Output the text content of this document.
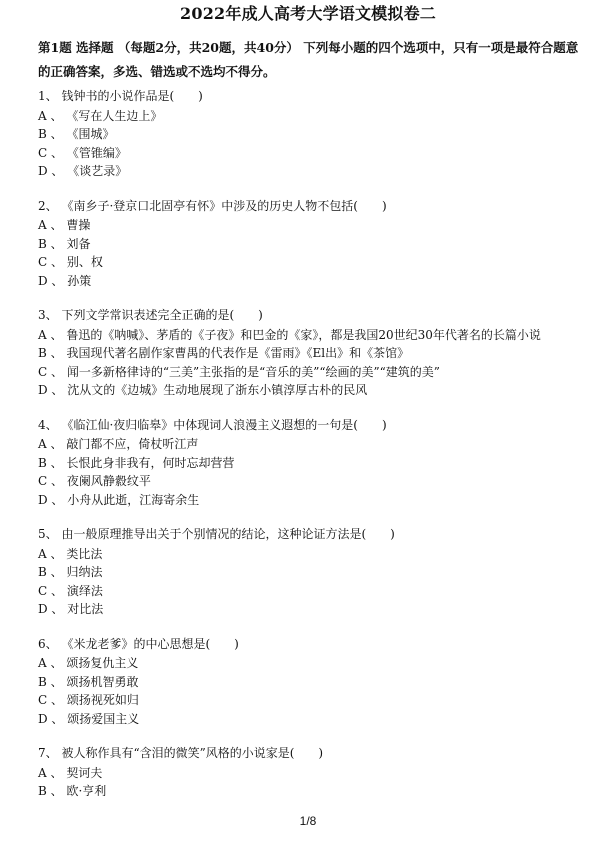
2022年成人高考大学语文模拟卷二
第1题 选择题 （每题2分，共20题，共40分） 下列每小题的四个选项中，只有一项是最符合题意的正确答案，多选、错选或不选均不得分。
1、 钱钟书的小说作品是(　　)
A 、 《写在人生边上》
B 、 《围城》
C 、 《管锥编》
D 、 《谈艺录》
2、 《南乡子·登京口北固亭有怀》中涉及的历史人物不包括(　　)
A 、 曹操
B 、 刘备
C 、 别、权
D 、 孙策
3、 下列文学常识表述完全正确的是(　　)
A 、 鲁迅的《呐喊》、茅盾的《子夜》和巴金的《家》，都是我国20世纪30年代著名的长篇小说
B 、 我国现代著名剧作家曹禺的代表作是《雷雨》《El出》和《茶馆》
C 、 闻一多新格律诗的“三美”主张指的是“音乐的美”“绘画的美”“建筑的美”
D 、 沈从文的《边城》生动地展现了浙东小镇淳厚古朴的民风
4、 《临江仙·夜归临皋》中体现词人浪漫主义遐想的一句是(　　)
A 、 敲门都不应，倚杖听江声
B 、 长恨此身非我有，何时忘却营营
C 、 夜阑风静縠纹平
D 、 小舟从此逝，江海寄余生
5、 由一般原理推导出关于个别情况的结论，这种论证方法是(　　)
A 、 类比法
B 、 归纳法
C 、 演绎法
D 、 对比法
6、 《米龙老爹》的中心思想是(　　)
A 、 颂扬复仇主义
B 、 颂扬机智勇敢
C 、 颂扬视死如归
D 、 颂扬爱国主义
7、 被人称作具有“含泪的微笑”风格的小说家是(　　)
A 、 契诃夫
B 、 欧·亨利
1/8
